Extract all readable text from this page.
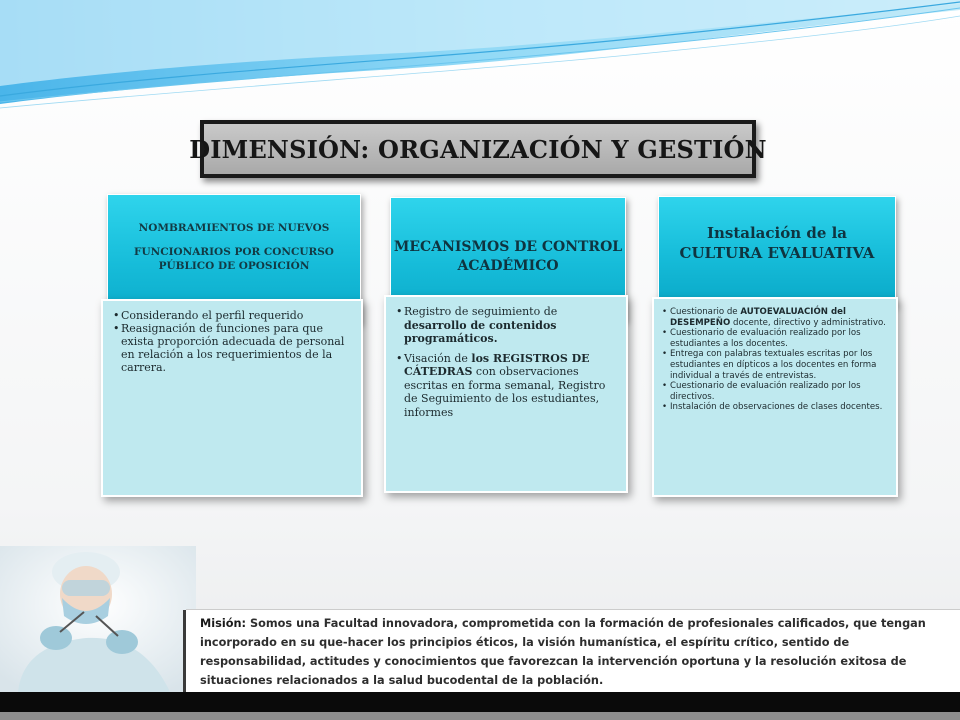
DIMENSIÓN: ORGANIZACIÓN Y GESTIÓN
NOMBRAMIENTOS DE NUEVOS
FUNCIONARIOS POR CONCURSO PÚBLICO DE OPOSICIÓN
• Considerando el perfil requerido
• Reasignación de funciones para que exista proporción adecuada de personal en relación a los requerimientos de la carrera.
MECANISMOS DE CONTROL ACADÉMICO
• Registro de seguimiento de desarrollo de contenidos programáticos.
• Visación de los REGISTROS DE CÁTEDRAS con observaciones escritas en forma semanal, Registro de Seguimiento de los estudiantes, informes
Instalación de la
CULTURA EVALUATIVA
• Cuestionario de AUTOEVALUACIÓN del DESEMPEÑO docente, directivo y administrativo.
• Cuestionario de evaluación realizado por los estudiantes a los docentes.
• Entrega con palabras textuales escritas por los estudiantes en dípticos a los docentes en forma individual a través de entrevistas.
• Cuestionario de evaluación realizado por los directivos.
• Instalación de observaciones de clases docentes.
Misión: Somos una Facultad innovadora, comprometida con la formación de profesionales calificados, que tengan incorporado en su que-hacer los principios éticos, la visión humanística, el espíritu crítico, sentido de responsabilidad, actitudes y conocimientos que favorezcan la intervención oportuna y la resolución exitosa de situaciones relacionados a la salud bucodental de la población.
